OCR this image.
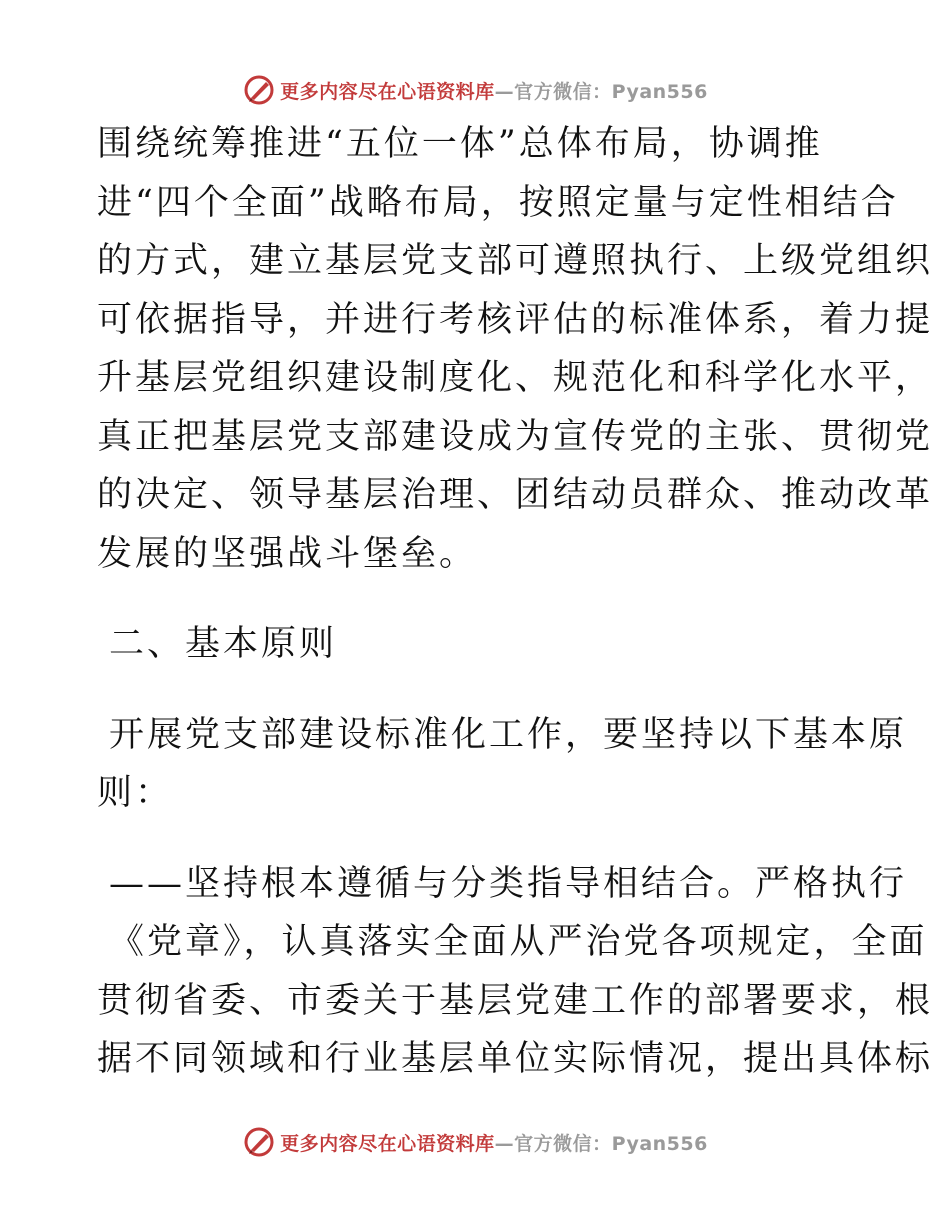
更多内容尽在心语资料库—官方微信：Pyan556

围绕统筹推进“五位一体”总体布局，协调推
进“四个全面”战略布局，按照定量与定性相结合
的方式，建立基层党支部可遵照执行、上级党组织
可依据指导，并进行考核评估的标准体系，着力提
升基层党组织建设制度化、规范化和科学化水平，
真正把基层党支部建设成为宣传党的主张、贯彻党
的决定、领导基层治理、团结动员群众、推动改革
发展的坚强战斗堡垒。

二、基本原则

开展党支部建设标准化工作，要坚持以下基本原
则：

——坚持根本遵循与分类指导相结合。严格执行
《党章》，认真落实全面从严治党各项规定，全面
贯彻省委、市委关于基层党建工作的部署要求，根
据不同领域和行业基层单位实际情况，提出具体标

更多内容尽在心语资料库—官方微信：Pyan556
